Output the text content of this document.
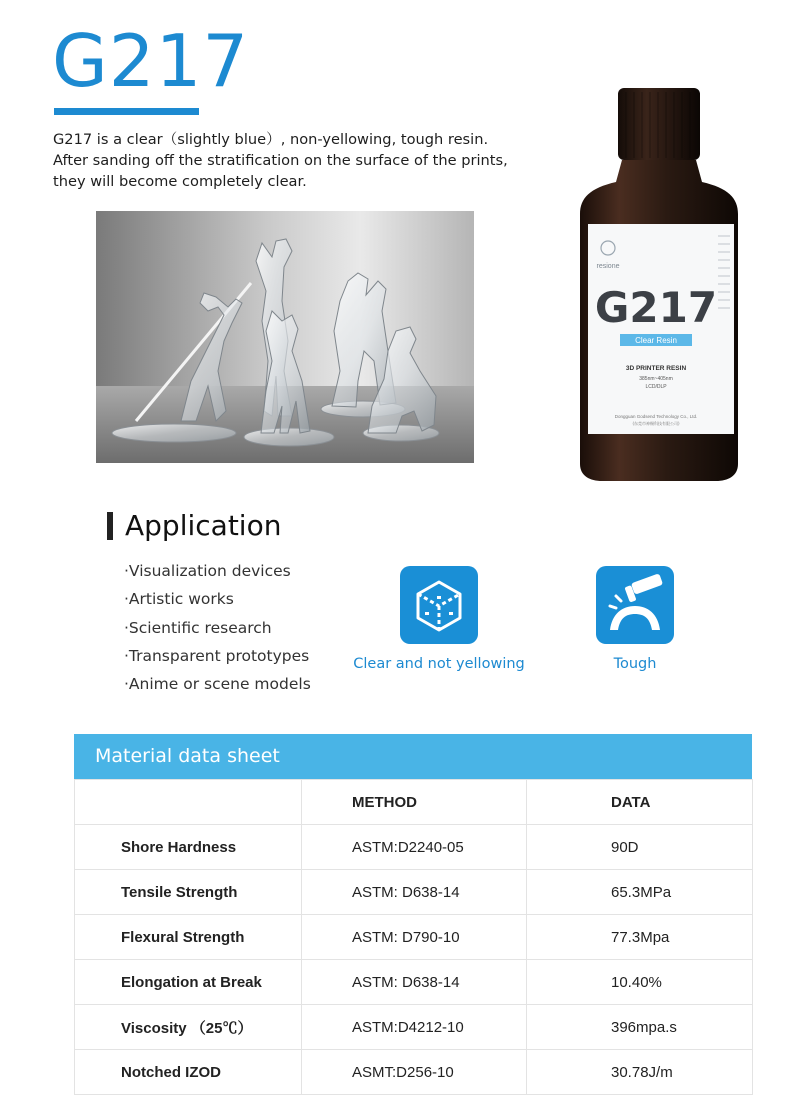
G217

G217 is a clear（slightly blue）, non-yellowing, tough resin.

After sanding off the stratification on the surface of the prints,

they will become completely clear.

resione
G217
Clear Resin
3D PRINTER RESIN
385nm~405nm
LCD/DLP
Dongguan Godsend Technology Co., Ltd.
(东莞市神赐科技有限公司)
Application
·Visualization devices
·Artistic works
·Scientific research
·Transparent prototypes
·Anime or scene models
Clear and not yellowing	Tough
Material data sheet
	METHOD	DATA
Shore Hardness	ASTM:D2240-05	90D
Tensile Strength	ASTM: D638-14	65.3MPa
Flexural Strength	ASTM: D790-10	77.3Mpa
Elongation at Break	ASTM: D638-14	10.40%
Viscosity （25℃）	ASTM:D4212-10	396mpa.s
Notched IZOD	ASMT:D256-10	30.78J/m
